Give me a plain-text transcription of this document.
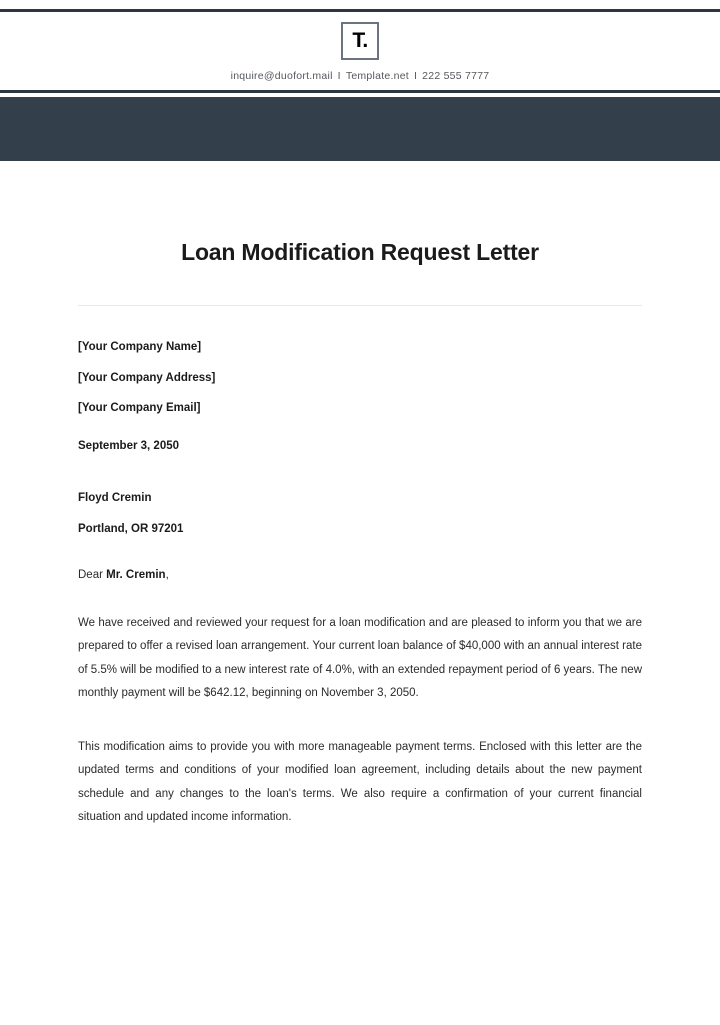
T.
inquire@duofort.mail I Template.net I 222 555 7777
Loan Modification Request Letter
[Your Company Name]
[Your Company Address]
[Your Company Email]
September 3, 2050
Floyd Cremin
Portland, OR 97201
Dear Mr. Cremin,

We have received and reviewed your request for a loan modification and are pleased to inform you that we are prepared to offer a revised loan arrangement. Your current loan balance of $40,000 with an annual interest rate of 5.5% will be modified to a new interest rate of 4.0%, with an extended repayment period of 6 years. The new monthly payment will be $642.12, beginning on November 3, 2050.

This modification aims to provide you with more manageable payment terms. Enclosed with this letter are the updated terms and conditions of your modified loan agreement, including details about the new payment schedule and any changes to the loan's terms. We also require a confirmation of your current financial situation and updated income information.
